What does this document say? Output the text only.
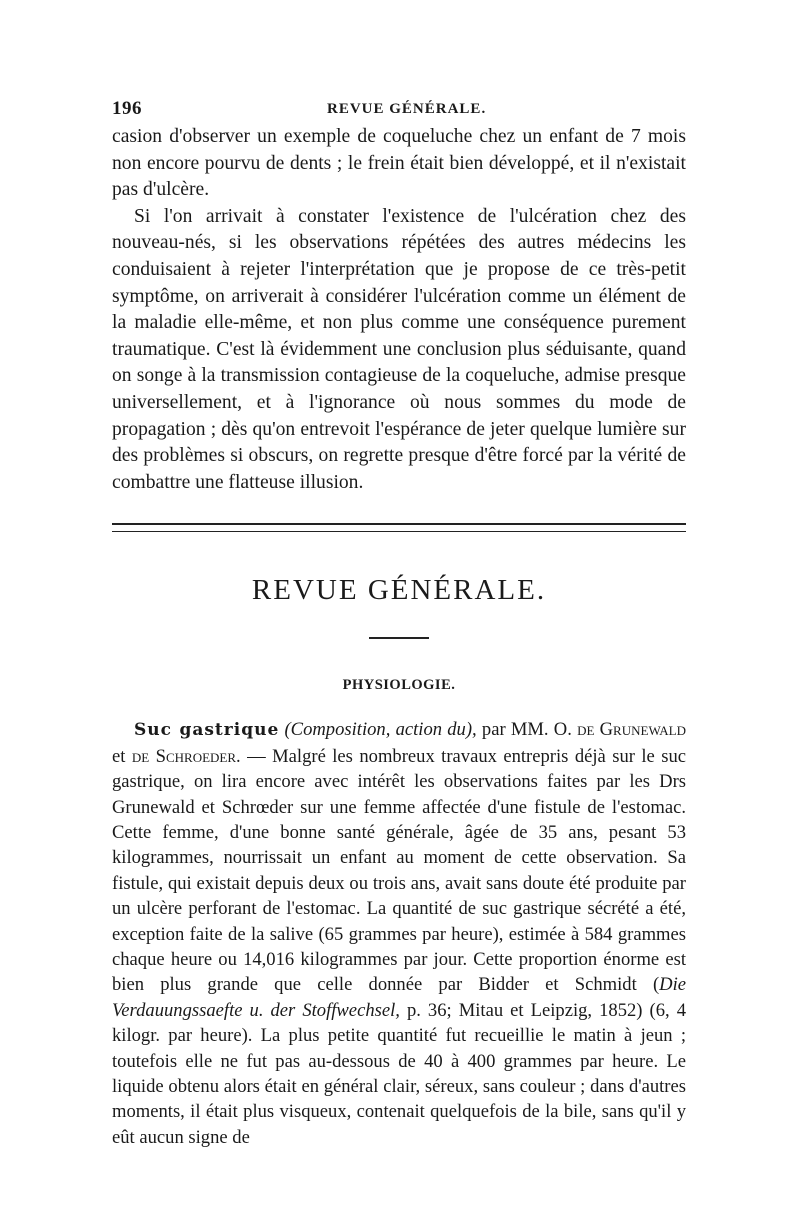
196	REVUE GÉNÉRALE.

casion d'observer un exemple de coqueluche chez un enfant de 7 mois non encore pourvu de dents ; le frein était bien développé, et il n'existait pas d'ulcère.

Si l'on arrivait à constater l'existence de l'ulcération chez des nouveau-nés, si les observations répétées des autres médecins les conduisaient à rejeter l'interprétation que je propose de ce très-petit symptôme, on arriverait à considérer l'ulcération comme un élément de la maladie elle-même, et non plus comme une conséquence purement traumatique. C'est là évidemment une conclusion plus séduisante, quand on songe à la transmission contagieuse de la coqueluche, admise presque universellement, et à l'ignorance où nous sommes du mode de propagation ; dès qu'on entrevoit l'espérance de jeter quelque lumière sur des problèmes si obscurs, on regrette presque d'être forcé par la vérité de combattre une flatteuse illusion.

REVUE GÉNÉRALE.
PHYSIOLOGIE.

Suc gastrique (Composition, action du), par MM. O. de Grunewald et de Schroeder. — Malgré les nombreux travaux entrepris déjà sur le suc gastrique, on lira encore avec intérêt les observations faites par les Drs Grunewald et Schrœder sur une femme affectée d'une fistule de l'estomac. Cette femme, d'une bonne santé générale, âgée de 35 ans, pesant 53 kilogrammes, nourrissait un enfant au moment de cette observation. Sa fistule, qui existait depuis deux ou trois ans, avait sans doute été produite par un ulcère perforant de l'estomac. La quantité de suc gastrique sécrété a été, exception faite de la salive (65 grammes par heure), estimée à 584 grammes chaque heure ou 14,016 kilogrammes par jour. Cette proportion énorme est bien plus grande que celle donnée par Bidder et Schmidt (Die Verdauungssaefte u. der Stoffwechsel, p. 36; Mitau et Leipzig, 1852) (6, 4 kilogr. par heure). La plus petite quantité fut recueillie le matin à jeun ; toutefois elle ne fut pas au-dessous de 40 à 400 grammes par heure. Le liquide obtenu alors était en général clair, séreux, sans couleur ; dans d'autres moments, il était plus visqueux, contenait quelquefois de la bile, sans qu'il y eût aucun signe de
